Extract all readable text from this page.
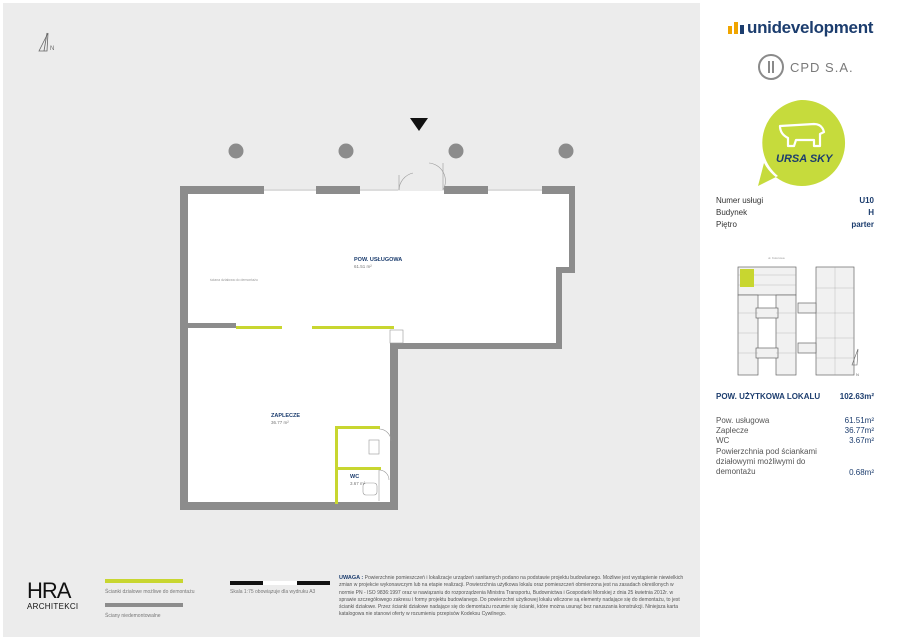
N
POW. USŁUGOWA
61.51 m²
ZAPLECZE
36.77 m²
WC
3.67 m²
ściana działowa do demontażu
unidevelopment
CPD S.A.
URSA SKY
Numer usługi	U10
Budynek	H
Piętro	parter
ul. Kolorowa
N
POW. UŻYTKOWA LOKALU 102.63m²
Pow. usługowa	61.51m²
Zaplecze	36.77m²
WC	3.67m²
Powierzchnia pod ściankami działowymi możliwymi do demontażu	0.68m²
HRA
ARCHITEKCI
Ścianki działowe możliwe do demontażu
Ściany niedemontowalne
Skala 1:75 obowiązuje dla wydruku A3
UWAGA : Powierzchnie pomieszczeń i lokalizacje urządzeń sanitarnych podano na podstawie projektu budowlanego. Możliwe jest wystąpienie niewielkich zmian w projekcie wykonawczym lub na etapie realizacji. Powierzchnia użytkowa lokalu oraz pomieszczeń obmierzona jest na zasadach określonych w normie PN - ISO 9836:1997 oraz w nawiązaniu do rozporządzenia Ministra Transportu, Budownictwa i Gospodarki Morskiej z dnia 25 kwietnia 2012r. w sprawie szczegółowego zakresu i formy projektu budowlanego. Do powierzchni użytkowej lokalu wliczone są elementy nadające się do demontażu, to jest ścianki działowe. Przez ścianki działowe nadające się do demontażu rozumie się ścianki, które można usunąć bez naruszania konstrukcji. Niniejsza karta katalogowa nie stanowi oferty w rozumieniu przepisów Kodeksu Cywilnego.
